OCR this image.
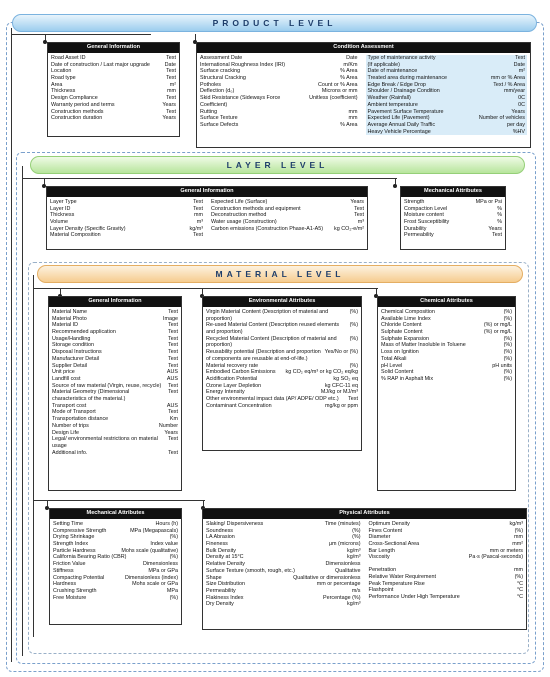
PRODUCT LEVEL
LAYER LEVEL
MATERIAL LEVEL
General Information
Road Asset ID	Text
Date of construction / Last major upgrade	Date
Location	Text
Road type	Text
Area	m²
Thickness	mm
Design Compliance	Text
Warranty period and terms	Years
Construction methods	Text
Construction duration	Years
Condition Assessment
Assessment Date	Date
International Roughness Index (IRI)	m/Km
Surface cracking	% Area
Structural Cracking	% Area
Potholes	Count or % Area
Deflection (d₀)	Microns or mm
Skid Resistance (Sideways Force Coefficient)
Unitless (coefficient)
Rutting	mm
Surface Texture	mm
Surface Defects	% Area
Type of maintenance activity	Text
(If applicable)	Date
Date of maintenance	m²
Treated area during maintenance	mm or % Area
Edge Break / Edge Drop	Text / % Area
Shoulder / Drainage Condition	mm/year
Weather (Rainfall)	0C
Ambient temperature	0C
Pavement Surface Temperature	Years
Expected Life (Pavement)	Number of vehicles
Average Annual Daily Traffic	per day
Heavy Vehicle Percentage	%HV
General Information
Layer Type	Text
Layer ID	Text
Thickness	mm
Volume	m³
Layer Density (Specific Gravity)	kg/m³
Material Composition	Text
Expected Life (Surface)	Years
Construction methods and equipment	Text
Deconstruction method	Text
Water usage (Construction)	m³
Carbon emissions (Construction Phase-A1-A5) kg CO₂-e/m²
Mechanical Attributes
Strength	MPa or Psi
Compaction Level	%
Moisture content	%
Frost Susceptibility	%
Durability	Years
Permeability	Text
General Information
Material Name	Text
Material Photo	Image
Material ID	Text
Recommended application	Text
Usage/Handling	Text
Storage condition	Text
Disposal Instructions	Text
Manufacturer Detail	Text
Supplier Detail	Text
Unit price	AUS
Landfill cost	AUS
Source of raw material (Virgin, reuse, recycle) Text
Material Geometry (Dimensional characteristics of the material.)
Text
Transport cost	AUS
Mode of Transport	Text
Transportation distance	Km
Number of trips	Number
Design Life	Years
Legal/ environmental restrictions on material usage
Text
Additional info.	Text
Environmental Attributes
Virgin Material Content (Description of material and proportion)
(%)
Re-used Material Content (Description reused elements and proportion)
(%)
Recycled Material Content (Description of material and proportion)
(%)
Reusability potential (Description and proportion of components are reusable at end-of-life.)
Yes/No or (%)
Material recovery rate	(%)
Embodied Carbon Emissions kg CO₂ eq/m³ or kg CO₂ eq/kg
Acidification Potential	kg SO₂ eq
Ozone Layer Depletion	kg CFC-11 eq
Energy Intensity	MJ/kg or MJ/m³
Other environmental impact data (AP/ ADPE/ ODP etc.) Text
Contaminant Concentration	mg/kg or ppm
Chemical Attributes
Chemical Composition	(%)
Available Lime Index	(%)
Chloride Content	(%) or mg/L
Sulphate Content	(%) or mg/L
Sulphate Expansion	(%)
Mass of Matter Insoluble in Toluene	(%)
Loss on Ignition	(%)
Total Alkali	(%)
pH Level	pH units
Solid Content	(%)
% RAP in Asphalt Mix	(%)
Mechanical Attributes
Setting Time	Hours (h)
Compressive Strength	MPa (Megapascals)
Drying Shrinkage	(%)
Strength Index	Index value
Particle Hardness	Mohs scale (qualitative)
California Bearing Ratio (CBR)	(%)
Friction Value	Dimensionless
Stiffness	MPa or GPa
Compacting Potential	Dimensionless (index)
Hardness	Mohs scale or GPa
Crushing Strength	MPa
Free Moisture	(%)
Physical Attributes
Slaking/ Dispersiveness	Time (minutes)
Soundness	(%)
LA Abrasion	(%)
Fineness	μm (microns)
Bulk Density	kg/m³
Density at 15°C	kg/m³
Relative Density	Dimensionless
Surface Texture (smooth, rough, etc.)	Qualitative
Shape	Qualitative or dimensionless
Size Distribution	mm or percentage
Permeability	m/s
Flakiness Index	Percentage (%)
Dry Density	kg/m³
Optimum Density	kg/m³
Fines Content	(%)
Diameter	mm
Cross-Sectional Area	mm²
Bar Length	mm or meters
Viscosity	Pa·s (Pascal-seconds)
Penetration	mm
Relative Water Requirement	(%)
Peak Temperature Rise	°C
Flashpoint	°C
Performance Under High Temperature	°C
